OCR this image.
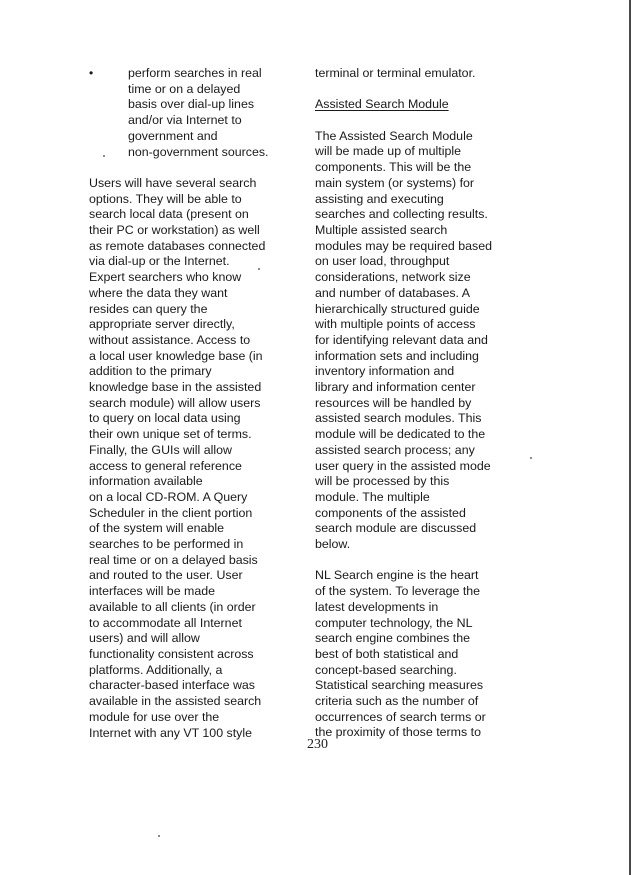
•	perform searches in real
time or on a delayed
basis over dial-up lines
and/or via Internet to
government and
non-government sources.
Users will have several search
options. They will be able to
search local data (present on
their PC or workstation) as well
as remote databases connected
via dial-up or the Internet.
Expert searchers who know
where the data they want
resides can query the
appropriate server directly,
without assistance. Access to
a local user knowledge base (in
addition to the primary
knowledge base in the assisted
search module) will allow users
to query on local data using
their own unique set of terms.
Finally, the GUIs will allow
access to general reference
information available
on a local CD-ROM. A Query
Scheduler in the client portion
of the system will enable
searches to be performed in
real time or on a delayed basis
and routed to the user. User
interfaces will be made
available to all clients (in order
to accommodate all Internet
users) and will allow
functionality consistent across
platforms. Additionally, a
character-based interface was
available in the assisted search
module for use over the
Internet with any VT 100 style
terminal or terminal emulator.
Assisted Search Module
The Assisted Search Module
will be made up of multiple
components. This will be the
main system (or systems) for
assisting and executing
searches and collecting results.
Multiple assisted search
modules may be required based
on user load, throughput
considerations, network size
and number of databases. A
hierarchically structured guide
with multiple points of access
for identifying relevant data and
information sets and including
inventory information and
library and information center
resources will be handled by
assisted search modules. This
module will be dedicated to the
assisted search process; any
user query in the assisted mode
will be processed by this
module. The multiple
components of the assisted
search module are discussed
below.
NL Search engine is the heart
of the system. To leverage the
latest developments in
computer technology, the NL
search engine combines the
best of both statistical and
concept-based searching.
Statistical searching measures
criteria such as the number of
occurrences of search terms or
the proximity of those terms to
230
